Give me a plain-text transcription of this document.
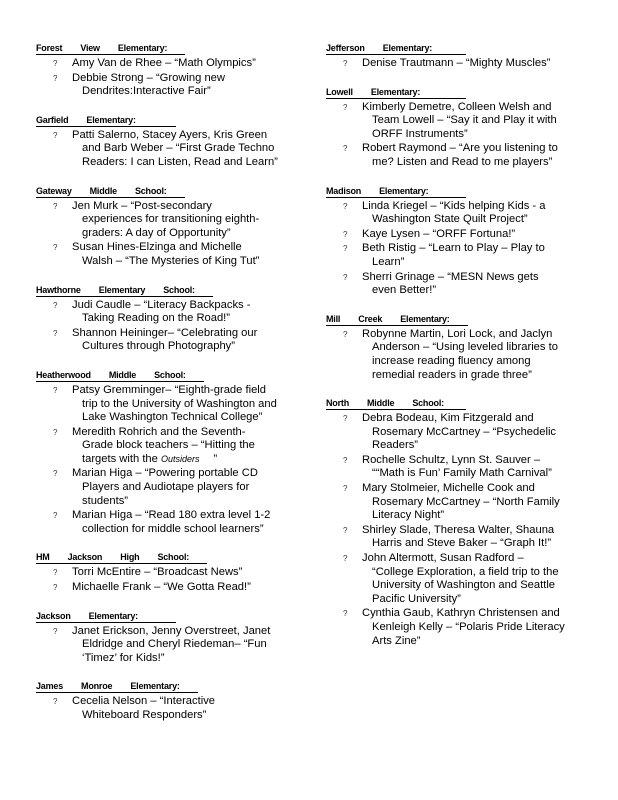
Forest View Elementary:
? Amy Van de Rhee – “Math Olympics”
? Debbie Strong – “Growing new
Dendrites:Interactive Fair”
Garfield Elementary:
? Patti Salerno, Stacey Ayers, Kris Green
and Barb Weber – “First Grade Techno
Readers: I can Listen, Read and Learn”
Gateway Middle School:
? Jen Murk – “Post-secondary
experiences for transitioning eighth-
graders: A day of Opportunity”
? Susan Hines-Elzinga and Michelle
Walsh – “The Mysteries of King Tut”
Hawthorne Elementary School:
? Judi Caudle – “Literacy Backpacks -
Taking Reading on the Road!”
? Shannon Heininger– “Celebrating our
Cultures through Photography”
Heatherwood Middle School:
? Patsy Gremminger– “Eighth-grade field
trip to the University of Washington and
Lake Washington Technical College”
? Meredith Rohrich and the Seventh-
Grade block teachers – “Hitting the
targets with the Outsiders ”
? Marian Higa – “Powering portable CD
Players and Audiotape players for
students”
? Marian Higa – “Read 180 extra level 1-2
collection for middle school learners”
HM Jackson High School:
? Torri McEntire – “Broadcast News”
? Michaelle Frank – “We Gotta Read!”
Jackson Elementary:
? Janet Erickson, Jenny Overstreet, Janet
Eldridge and Cheryl Riedeman– “Fun
‘Timez’ for Kids!”
James Monroe Elementary:
? Cecelia Nelson – “Interactive
Whiteboard Responders”
Jefferson Elementary:
? Denise Trautmann – “Mighty Muscles”
Lowell Elementary:
? Kimberly Demetre, Colleen Welsh and
Team Lowell – “Say it and Play it with
ORFF Instruments”
? Robert Raymond – “Are you listening to
me? Listen and Read to me players”
Madison Elementary:
? Linda Kriegel – “Kids helping Kids - a
Washington State Quilt Project”
? Kaye Lysen – “ORFF Fortuna!”
? Beth Ristig – “Learn to Play – Play to
Learn”
? Sherri Grinage – “MESN News gets
even Better!”
Mill Creek Elementary:
? Robynne Martin, Lori Lock, and Jaclyn
Anderson – “Using leveled libraries to
increase reading fluency among
remedial readers in grade three”
North Middle School:
? Debra Bodeau, Kim Fitzgerald and
Rosemary McCartney – “Psychedelic
Readers”
? Rochelle Schultz, Lynn St. Sauver –
““Math is Fun’ Family Math Carnival”
? Mary Stolmeier, Michelle Cook and
Rosemary McCartney – “North Family
Literacy Night”
? Shirley Slade, Theresa Walter, Shauna
Harris and Steve Baker – “Graph It!”
? John Altermott, Susan Radford –
“College Exploration, a field trip to the
University of Washington and Seattle
Pacific University”
? Cynthia Gaub, Kathryn Christensen and
Kenleigh Kelly – “Polaris Pride Literacy
Arts Zine”
